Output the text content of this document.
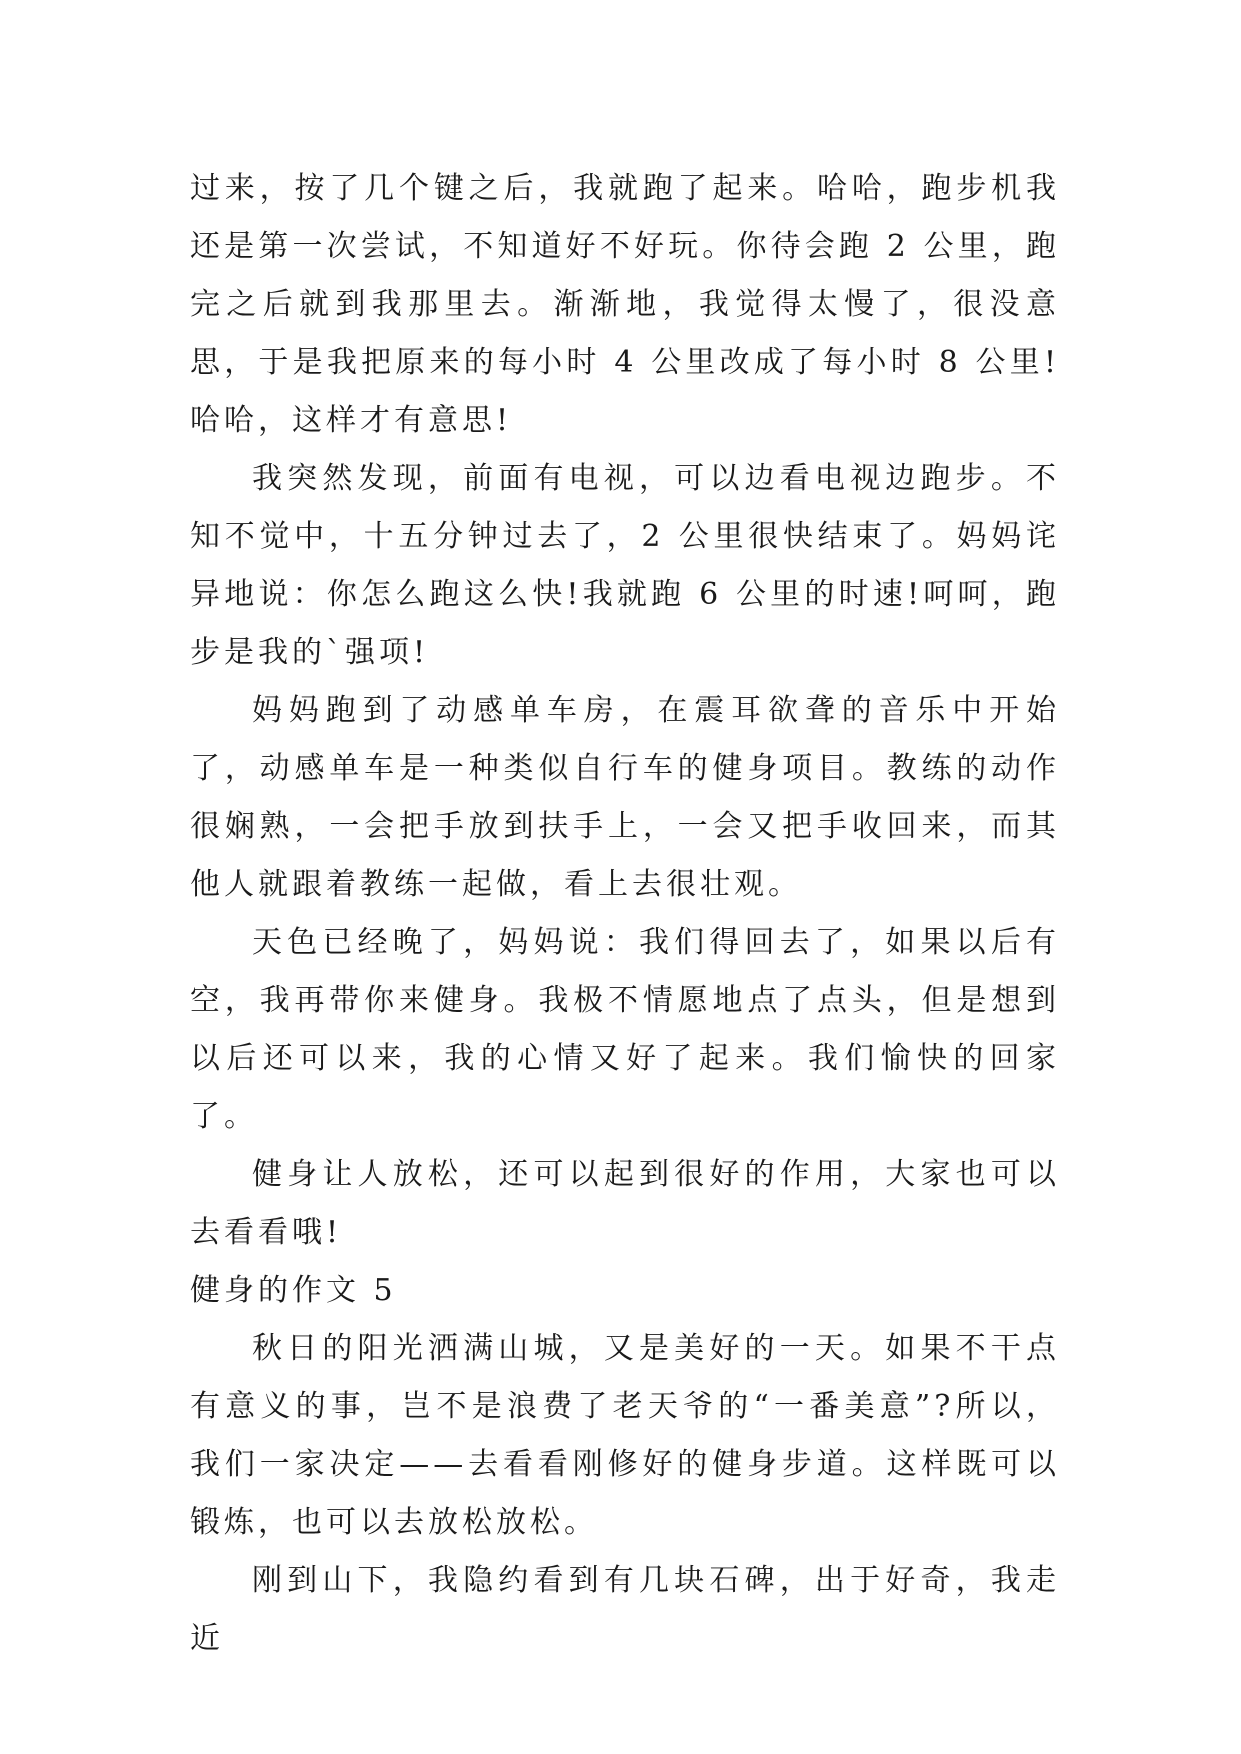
过来，按了几个键之后，我就跑了起来。哈哈，跑步机我还是第一次尝试，不知道好不好玩。你待会跑 2 公里，跑完之后就到我那里去。渐渐地，我觉得太慢了，很没意思，于是我把原来的每小时 4 公里改成了每小时 8 公里!哈哈，这样才有意思!

我突然发现，前面有电视，可以边看电视边跑步。不知不觉中，十五分钟过去了，2 公里很快结束了。妈妈诧异地说：你怎么跑这么快!我就跑 6 公里的时速!呵呵，跑步是我的`强项!

妈妈跑到了动感单车房，在震耳欲聋的音乐中开始了，动感单车是一种类似自行车的健身项目。教练的动作很娴熟，一会把手放到扶手上，一会又把手收回来，而其他人就跟着教练一起做，看上去很壮观。

天色已经晚了，妈妈说：我们得回去了，如果以后有空，我再带你来健身。我极不情愿地点了点头，但是想到以后还可以来，我的心情又好了起来。我们愉快的回家了。

健身让人放松，还可以起到很好的作用，大家也可以去看看哦!

健身的作文 5

秋日的阳光洒满山城，又是美好的一天。如果不干点有意义的事，岂不是浪费了老天爷的“一番美意”?所以，我们一家决定——去看看刚修好的健身步道。这样既可以锻炼，也可以去放松放松。

刚到山下，我隐约看到有几块石碑，出于好奇，我走近
